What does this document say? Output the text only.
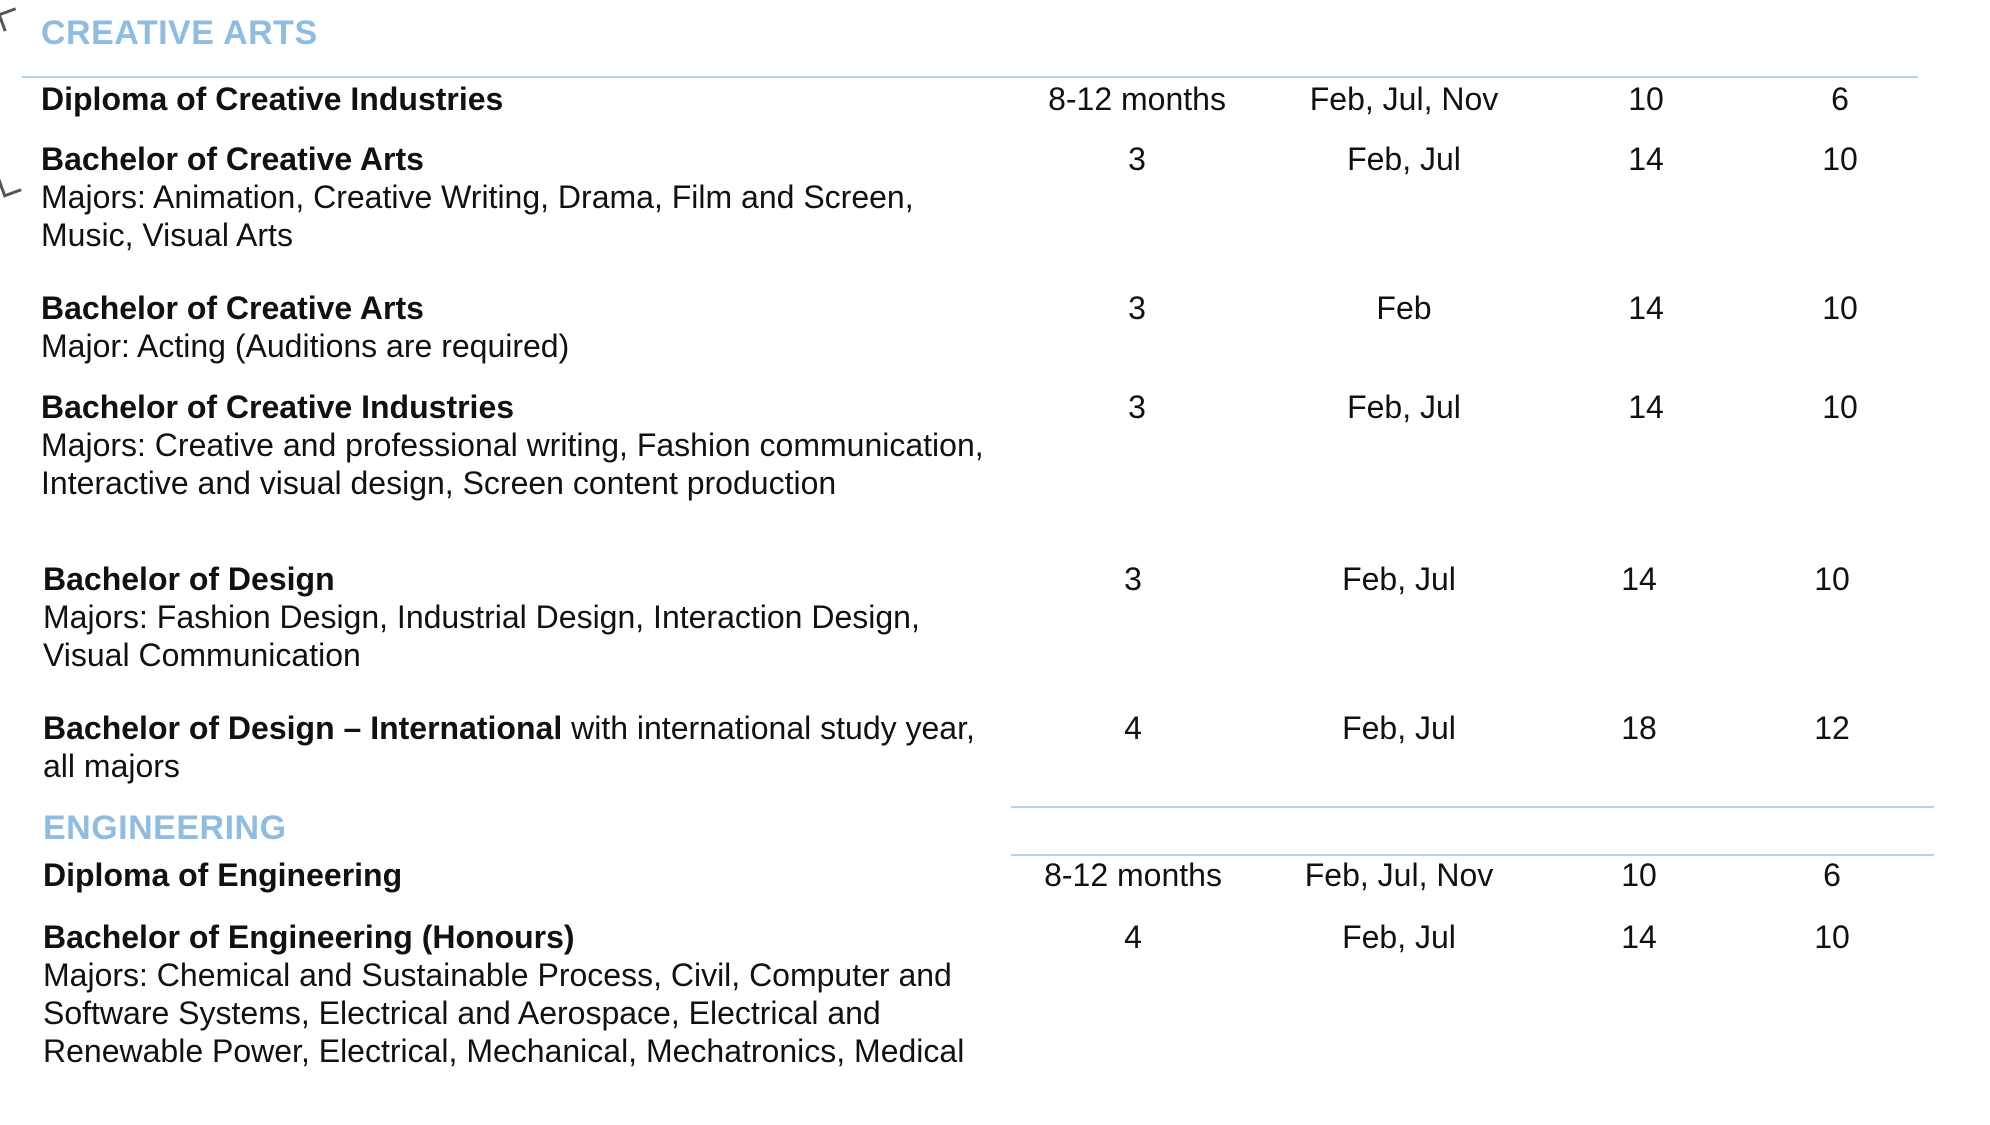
CREATIVE ARTS
Diploma of Creative Industries	8-12 months	Feb, Jul, Nov	10	6
Bachelor of Creative Arts
Majors: Animation, Creative Writing, Drama, Film and Screen, Music, Visual Arts
3	Feb, Jul	14	10
Bachelor of Creative Arts
Major: Acting (Auditions are required)
3	Feb	14	10
Bachelor of Creative Industries
Majors: Creative and professional writing, Fashion communication, Interactive and visual design, Screen content production
3	Feb, Jul	14	10
Bachelor of Design
Majors: Fashion Design, Industrial Design, Interaction Design, Visual Communication
3	Feb, Jul	14	10
Bachelor of Design – International with international study year, all majors
4	Feb, Jul	18	12
ENGINEERING
Diploma of Engineering	8-12 months	Feb, Jul, Nov	10	6
Bachelor of Engineering (Honours)
Majors: Chemical and Sustainable Process, Civil, Computer and Software Systems, Electrical and Aerospace, Electrical and Renewable Power, Electrical, Mechanical, Mechatronics, Medical
4	Feb, Jul	14	10
